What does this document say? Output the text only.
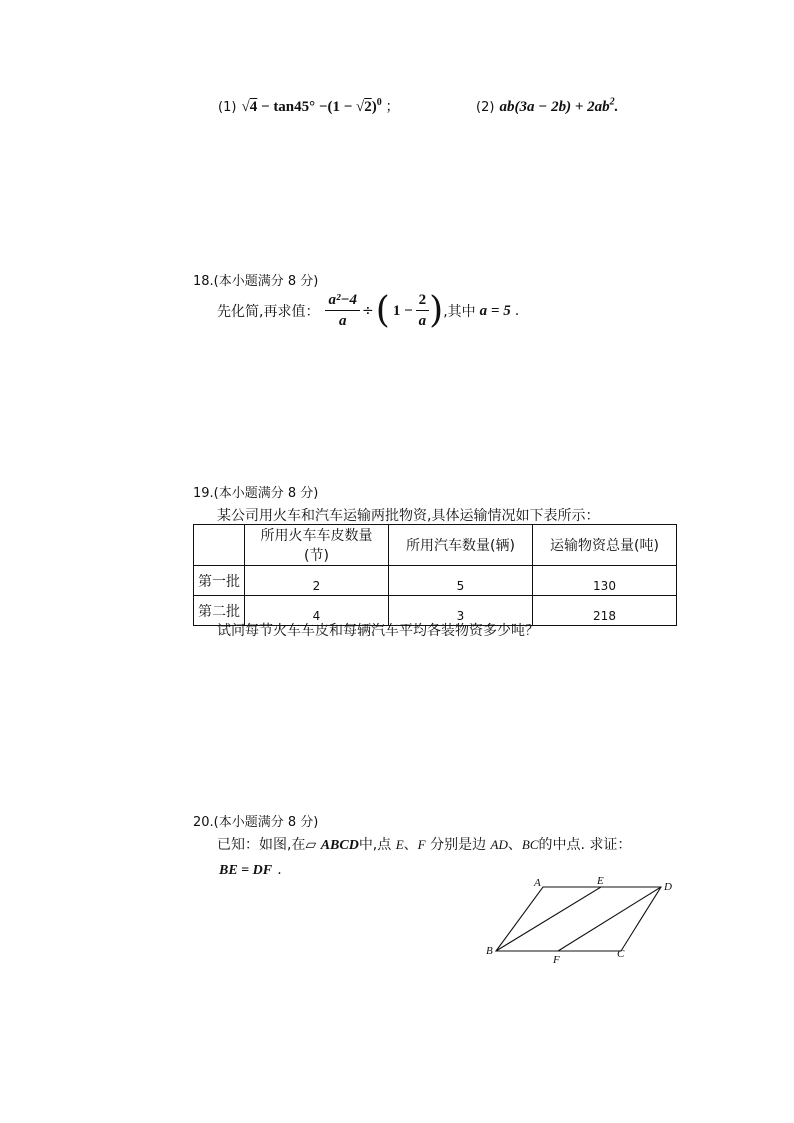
(1) $√4 - \tan 45^\circ -(1 - √2)^0$ ；	(2) $ab(3a - 2b) + 2ab^2$.
18.(本小题满分 8 分)
先化简,再求值： $\frac{\text{a²−4}}{a}$ ÷ ( $1 - \frac{2}{a}$ ) ,其中 a = 5 .
19.(本小题满分 8 分)
某公司用火车和汽车运输两批物资,具体运输情况如下表所示：
	所用火车车皮数量(节)	所用汽车数量(辆)	运输物资总量(吨)
第一批	2	5	130
第二批	4	3	218
试问每节火车车皮和每辆汽车平均各装物资多少吨？
20.(本小题满分 8 分)
已知：如图,在▱ ABCD中,点 E、F 分别是边 AD、BC的中点. 求证：
BE = DF .
A	E	D
B
F	C
